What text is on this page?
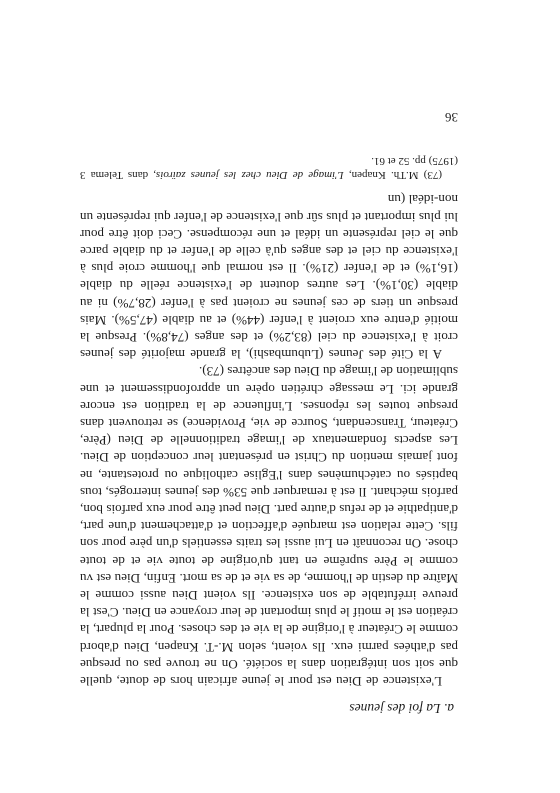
a. La foi des jeunes

L'existence de Dieu est pour le jeune africain hors de doute, quelle que soit son intégration dans la société. On ne trouve pas ou presque pas d'athées parmi eux. Ils voient, selon M.-T. Knapen, Dieu d'abord comme le Créateur à l'origine de la vie et des choses. Pour la plupart, la création est le motif le plus important de leur croyance en Dieu. C'est la preuve irréfutable de son existence. Ils voient Dieu aussi comme le Maître du destin de l'homme, de sa vie et de sa mort. Enfin, Dieu est vu comme le Père suprême en tant qu'origine de toute vie et de toute chose. On reconnaît en Lui aussi les traits essentiels d'un père pour son fils. Cette relation est marquée d'affection et d'attachement d'une part, d'antipathie et de refus d'autre part. Dieu peut être pour eux parfois bon, parfois méchant. Il est à remarquer que 53% des jeunes interrogés, tous baptisés ou catéchumènes dans l'Eglise catholique ou protestante, ne font jamais mention du Christ en présentant leur conception de Dieu. Les aspects fondamentaux de l'image traditionnelle de Dieu (Père, Créateur, Transcendant, Source de vie, Providence) se retrouvent dans presque toutes les réponses. L'influence de la tradition est encore grande ici. Le message chrétien opère un approfondissement et une sublimation de l'image du Dieu des ancêtres (73).

A la Cité des Jeunes (Lubumbashi), la grande majorité des jeunes croit à l'existence du ciel (83,2%) et des anges (74,8%). Presque la moitié d'entre eux croient à l'enfer (44%) et au diable (47,5%). Mais presque un tiers de ces jeunes ne croient pas à l'enfer (28,7%) ni au diable (30,1%). Les autres doutent de l'existence réelle du diable (16,1%) et de l'enfer (21%). Il est normal que l'homme croie plus à l'existence du ciel et des anges qu'à celle de l'enfer et du diable parce que le ciel représente un idéal et une récompense. Ceci doit être pour lui plus important et plus sûr que l'existence de l'enfer qui représente un non-idéal (un

(73) M.Th. Knapen, L'image de Dieu chez les jeunes zaïrois, dans Telema 3 (1975) pp. 52 et 61.
36
